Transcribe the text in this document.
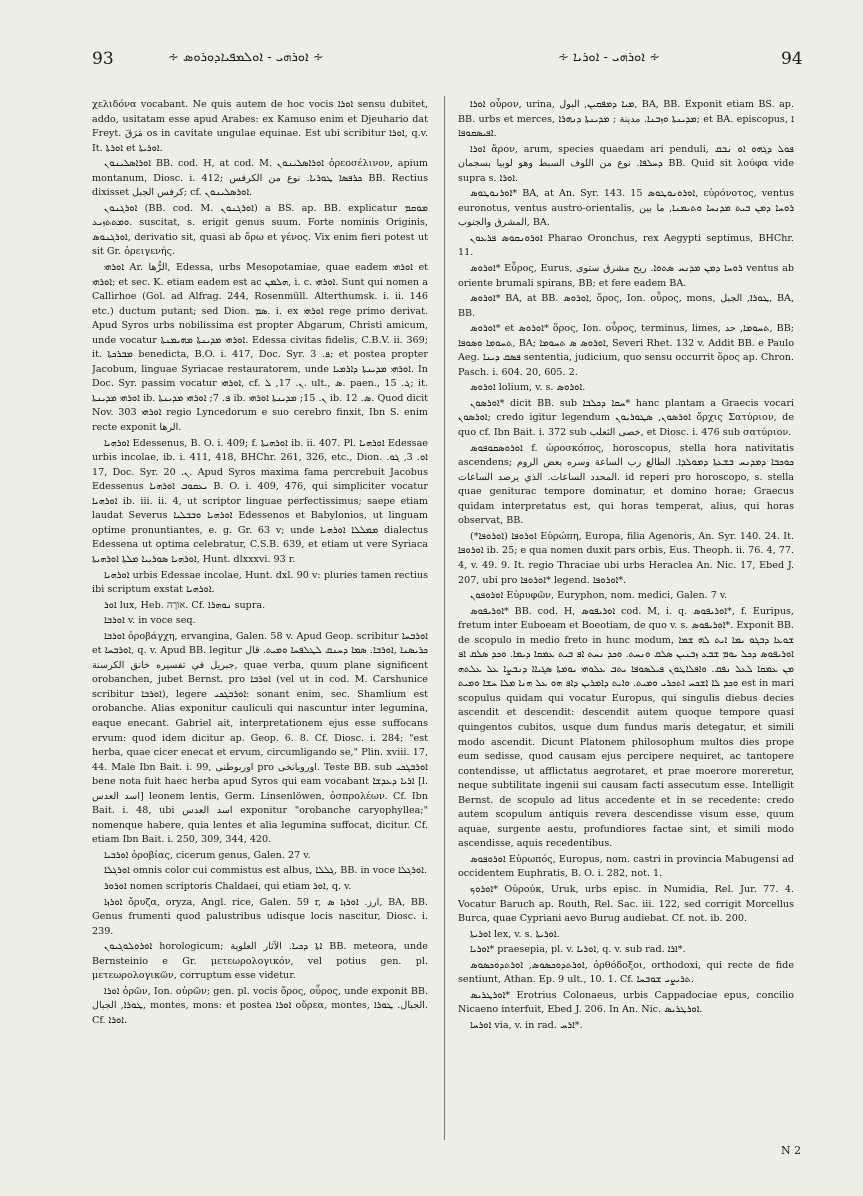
93	∻ ܐܘܪܗܝ - ܐܘܠܡܦܝܐܕܘܪܘܣ ∻	∻ ܐܘܪܗܝ - ܐܘܪܝܐ ∻	94

χελιδόνα vocabant. Ne quis autem de hoc vocis ܐܘܪܐ sensu dubitet, addo, usitatam esse apud Arabes: ex Kamuso enim et Djeuhario dat Freyt. مَرَقَ os in cavitate ungulae equinae. Est ubi scribitur ܐܘܪܐ, q.v. It. ܐܘܪܬܐ et ܐܘܪܝܬܐ.

ܐܘܪܐܣܠܝܢܘܢ BB. cod. H, at cod. M. ܐܘܪܐܣܠܝܢܘܢ ὀρεοσέλινον, apium montanum, Diosc. i. 412; ܟܪܦܣܐ ܛܘܪܝܐ. نوع من الكرفس BB. Rectius dixisset كرفس الجبل; cf. ܐܘܪܣܠܝܢܘܢ.

ܐܘܪܓܢܘܢ (BB. cod. M. ܐܘܪܓܢܘܢ) a BS. ap. BB. explicatur ܡܘܩܡ ܘܡܬܬܙܝܥ. suscitat, s. erigit genus suum. Forte nominis Originis, ܐܘܪܓܢܘܣ, derivatio sit, quasi ab ὄρω et γένος. Vix enim fieri potest ut sit Gr. ὀρειγενής.

ܐܘܪܗܝ Ar. الرُّها, Edessa, urbs Mesopotamiae, quae eadem ܐܘܪܗܝ et ܐܘܪܗܝ; et sec. K. etiam eadem est ac ܗܠܡܢ, i. c. ܐܘܪܗܝ. Sunt qui nomen a Callirhoe (Gol. ad Alfrag. 244, Rosenmüll. Alterthumsk. i. ii. 146 etc.) ductum putant; sed Dion. ܣܡ. i. ex ܐܘܪܗܝ rege primo derivat. Apud Syros urbs nobilissima est propter Abgarum, Christi amicum, unde vocatur ܐܘܪܗܝ ܡܕܝܢܬܐ ܡܗܝܡܢܬܐ. Edessa civitas fidelis, C.B.V. ii. 369; it. ܡܒܪܟܬܐ benedicta, B.O. i. 417, Doc. Syr. ܦ. 3; et postea propter Jacobum, linguae Syriacae restauratorem, unde ܐܘܪܗܝ ܡܕܝܢܬܐ ܕܐܪܡܝܐ. In Doc. Syr. passim vocatur ܐܘܪܗܝ, cf. ܢ. 17, ܠ. ult., ܣ. paen., ܓ. 15; it. ܐܘܪܗܝ ܡܕܝܢܬܐ ib. ܦ. 7; ܐܘܪܗܝ ܡܕܝܢܬܐ ib. ܢ. 15; ܡܕܝܢܬܐ ܐܘܪܗܝ ib. ܣ. 12. Quod dicit Nov. 303 ܐܘܪܗܝ regio Lyncedorum e suo cerebro finxit, Ibn S. enim recte exponit الرها.

ܐܘܪܗܝܐ Edessenus, B. O. i. 409; f. ܐܘܪܗܝܬܐ ib. ii. 407. Pl. ܐܘܪܗܝܐ Edessae urbis incolae, ib. i. 411, 418, BHChr. 261, 326, etc., Dion. ܐܘ. 3, ܓܘ. 17, Doc. Syr. ܢ. 20. Apud Syros maxima fama percrebuit Jacobus Edessenus ܝܥܩܘܒ ܐܘܪܗܝܐ B. O. i. 409, 476, qui simpliciter vocatur ܐܘܪܗܝܐ ib. iii. ii. 4, ut scriptor linguae perfectissimus; saepe etiam laudat Severus ܐܘܪܗܝܐ ܘܒܒܠܝܐ Edessenos et Babylonios, ut linguam optime pronuntiantes, e. g. Gr. 63 v; unde ܡܡܠܠܐ ܐܘܪܗܝܐ dialectus Edessena ut optima celebratur, C.S.B. 639, et etiam ut vere Syriaca ܐܘܪܗܝܐ ܣܘܪܝܝܐ ܡܠܬܐ ܐܘܪܗܝܬܐ, Hunt. dlxxxvi. 93 r.

ܐܘܪܗܝܐ urbis Edessae incolae, Hunt. dxl. 90 v: pluries tamen rectius ibi scriptum exstat ܐܘܪܗܝܐ.

ܐܘܪ lux, Heb. אוֹרָה. Cf. ܢܘܗܪܐ supra.

ܐܘܪܒܐ v. in voce seq.

ܐܘܪܒܐ ὀροβάγχη, ervangina, Galen. 58 v. Apud Geop. scribitur ܐܘܪܒܚܐ et ܐܘܪܒܚܐ, q. v. Apud BB. legitur ܟܪܝܣܢܐ ,ܐܘܪܒܐ. ܣܡܐ ܕܚܢܩ ܠܛܠܦܚܐ ܘܡܝܬ. قال جبريل في تفسيره خانق الكرسنة, quae verba, quum plane significent orobanchen, jubet Bernst. pro ܐܘܪܒܐ (vel ut in cod. M. Carshunice scribitur ܐܘܪܒܐ), legere ܐܘܪܒܓܟܝ: sonant enim, sec. Shamlium est orobanche. Alias exponitur cauliculi qui nascuntur inter legumina, eaque enecant. Gabriel ait, interpretationem ejus esse suffocans ervum: quod idem dicitur ap. Geop. 6. 8. Cf. Diosc. i. 284; "est herba, quae cicer enecat et ervum, circumligando se," Plin. xviii. 17, 44. Male Ibn Bait. i. 99, اوربوطنى pro اوروبانخى. Teste BB. sub ܐܘܪܒܓܟܝ bene nota fuit haec herba apud Syros qui eam vocabant ܐܪܝܐ ܕܥܕܫܐ [l. اسد العدس] leonem lentis, Germ. Linsenlöwen, ὀσπρολέων. Cf. Ibn Bait. i. 48, ubi اسد العدس exponitur "orobanche caryophyllea;" nomenque habere, quia lentes et alia legumina suffocat, dicitur. Cf. etiam Ibn Bait. i. 250, 309, 344, 420.

ܐܘܪܒܝܐ ὀροβίας, cicerum genus, Galen. 27 v.

ܐܘܪܓܠܐ omnis color cui commistus est albus, ܓܠܠܐ, BB. in voce ܐܘܪܓܠܐ.

ܐܘܪܘܪ nomen scriptoris Chaldaei, qui etiam ܐܘܪ, q. v.

ܐܘܪܙܐ ὄρυζα, oryza, Angl. rice, Galen. 59 r, ارز. ܐܘܪܙܐ ܣ, BA, BB. Genus frumenti quod palustribus udisque locis nascitur, Diosc. i. 239.

ܐܘܪܘܠܘܓܝܘܢ horologicum; ܐܬܐ ܕܟܝܐ. الآثار العلوية BB. meteora, unde Bernsteinio e Gr. μετεωρολογικόν, vel potius gen. pl. μετεωρολογικῶν, corruptum esse videtur.

ܐܘܪܐ ὀρῶν, Ion. οὐρῶν; gen. pl. vocis ὄρος, οὖρος, unde exponit BB. ܛܘܪܐ, الجبال, montes, mons: et postea ܐܘܪܐ οὔρεα, montes, الجبال. ܛܘܪܐ. Cf. ܐܘܪܐ.

ܐܘܪܐ οὖρον, urina, ܡܝܐ ܕܡܦܩܝܢ, البول, BA, BB. Exponit etiam BS. ap. BB. urbs et merces, ܡܕܝܢܬܐ ܘܙܒܢܐ. مدينة ; ܡܕܝܢܬܐ ܕܢܗܪܐ; et BA. episcopus, ܐ ܐܦܝܣܩܘܦܐ.

ܐܘܪܐ ἄρον, arum, species quaedam ari penduli, ܦܘܠ ܕܓܗܘ ܐܘ ܢܒܩ ܕܚܠܦܐ. نوع من اللوف السبط وهو لوبيا بسجمان BB. Quid sit λούφα vide supra s. ܐܘܪܐ.

ܐܘܪܢܘܛܘܣ* BA, at An. Syr. 143. 15 ܐܘܪܘܢܘܛܘܣ, εὐρόνοτος, ventus euronotus, ventus austro-orientalis, ܪܘܚܐ ܕܡܢ ܒܝܬ ܡܕܢܚܐ ܘܬܝܡܢܐ, ما بين المشرق والجنوب, BA.

ܐܘܪܘܢܩܘܣ ܦܪܥܘܢ Pharao Oronchus, rex Aegypti septimus, BHChr. 11.

ܐܘܪܘܣ* Εὖρος, Eurus, ܪܘܚܐ ܕܡܢ ܡܕܢܚ ܣܬܘܐ. ريح مشرق ستوى ventus ab oriente brumali spirans, BB; et fere eadem BA.

ܐܘܪܘܣ* BA, at BB. ܐܘܪܘܣ, ὄρος, Ion. οὖρος, mons, ܛܘܪܐ, الجبل, BA, BB.

ܐܘܪܘܣ* et ܐܘܪܘܣ* ὅρος, Ion. οὖρος, terminus, limes, ܬܚܘܡܐ, حد, BB; ܬܚܘܡܐ ܘܣܘܦܐ, BA; ܐܘܪܘܣ ܣ ܬܚܘܡܐ, Severi Rhet. 132 v. Addit BB. e Paulo Aeg. ܦܣܩ ܕܝܢܐ sententia, judicium, quo sensu occurrit ὅρος ap. Chron. Pasch. i. 604. 20, 605. 2.

ܐܘܪܘܣ lolium, v. s. ܐܘܪܘܣ.

ܐܘܪܣܘܢ* dicit BB. sub ܚܩܐ ܕܟܠܒܐ* hanc plantam a Graecis vocari ܐܘܪܣܘܢ; credo igitur legendum ܐܘܪܣܘܢ, ܣܛܘܪܝܘܢ ὄρχις Σατύριον, de quo cf. Ibn Bait. i. 372 sub خصى الثعلب, et Diosc. i. 476 sub σατύριον.

ܐܘܪܘܣܩܘܦܘܣ f. ὡροσκόπος, horoscopus, stella hora nativitatis ascendens; ܟܘܟܒܐ ܕܡܕܢܚ ܒܫܥܬܐ ܕܡܘܠܕܐ. الطالع رب الساعة وسره بعض الروم المحدد الساعات. الذي يرصد الساعات. id reperi pro horoscopo, s. stella quae geniturac tempore dominatur, et domino horae; Graecus quidam interpretatus est, qui horas temperat, alius, qui horas observat, BB.

ܐܘܪܘܦܐ (ܐܘܪܘܦܐ*) Εὐρώπη, Europa, filia Agenoris, An. Syr. 140. 24. It. ܐܘܪܘܦܐ ib. 25; e qua nomen duxit pars orbis, Eus. Theoph. ii. 76. 4, 77. 4, v. 49. 9. It. regio Thraciae ubi urbs Heraclea An. Nic. 17, Ebed J. 207, ubi pro ܐܘܪܘܦܐ* legend. ܐܘܪܘܦܐ*.

ܐܘܪܘܦܘܢ Εὐρυφῶν, Euryphon, nom. medici, Galen. 7 v.

ܐܘܪܝܦܘܣ* BB. cod. H, ܐܘܪܝܦܘܣ cod. M, i. q. ܐܘܪܝܦܘܣ*, f. Euripus, fretum inter Euboeam et Boeotiam, de quo v. s. ܐܘܪܝܦܘܣ*. Exponit BB. de scopulo in medio freto in hunc modum, ܫܘܥܐ ܕܒܓܘ ܝܡܐ ܐܝܬ ܠܗ ܫܡܐ ܐܘܪܝܦܘܣ ܕܟܠ ܝܘܡ ܫܒܥ ܙܒܢܝܢ ܣܠܩ ܘܢܚܬ. ܘܟܕ ܢܚܬ ܐܦ ܒܝܬ ܥܡܩܐ ܕܝܡܐ. ܘܟܕ ܣܠܩ ܐܦ ܡܢ ܥܡܩܐ ܠܥܠ ܢܦܩ. ܘܐܦܠܐܛܘܢ ܦܝܠܣܘܦܐ ܝܬܒ ܥܠܘܗܝ ܝܘܡܬܐ ܣܓܝܐܐ ܕܢܒܨܐ ܥܠ ܥܠܬܗ ܘܟܕ ܠܐ ܐܫܟܚ ܐܬܟܪܝ ܘܡܝܬ. ܘܐܝܬ ܕܐܡܪܝܢ ܕܐܦ ܗܘ ܥܠ ܗܢܐ ܡܠܐ ܚܫܐ ܘܡܝܬ est in mari scopulus quidam qui vocatur Europus, qui singulis diebus decies ascendit et descendit: descendit autem quoque tempore quasi quingentos cubitos, usque dum fundus maris detegatur, et simili modo ascendit. Dicunt Platonem philosophum multos dies prope eum sedisse, quod causam ejus percipere nequiret, ac tantopere contendisse, ut afflictatus aegrotaret, et prae moerore moreretur, neque subtilitate ingenii sui causam facti assecutum esse. Intelligit Bernst. de scopulo ad litus accedente et in se recedente: credo autem scopulum antiquis revera descendisse visum esse, quum aquae, surgente aestu, profundiores factae sint, et simili modo ascendisse, aquis recedentibus.

ܐܘܪܘܦܘܣ Εὐρωπός, Europus, nom. castri in provincia Mabugensi ad occidentem Euphratis, B. O. i. 282, not. 1.

ܐܘܪܘܟ* Οὐρούκ, Uruk, urbs episc. in Numidia, Rel. Jur. 77. 4. Vocatur Baruch ap. Routh, Rel. Sac. iii. 122, sed corrigit Morcellus Burca, quae Cypriani aevo Burug audiebat. Cf. not. ib. 200.

ܐܘܪܝܬܐ lex, v. s. ܐܘܪܝܬܐ.

ܐܘܪܝܐ* praesepia, pl. v. ܐܘܪܝܐ, q. v. sub rad. ܐܪܐ*.

ܐܘܪܬܕܘܟܣܘܣ, ܐܘܪܬܕܘܟܣܘܣ, ὀρθόδοξοι, orthodoxi, qui recte de fide sentiunt, Athan. Ep. 9 ult., 10. 1. Cf. ܬܪܝܨܝ ܫܘܒܚܐ.

ܐܘܪܛܪܝܣ* Erotrius Colonaeus, urbis Cappadociae epus, concilio Nicaeno interfuit, Ebed J. 206. In An. Nic. ܐܘܪܛܪܝܣ.

ܐܘܪܚܐ via, v. in rad. ܐܪܚ*.

N 2
